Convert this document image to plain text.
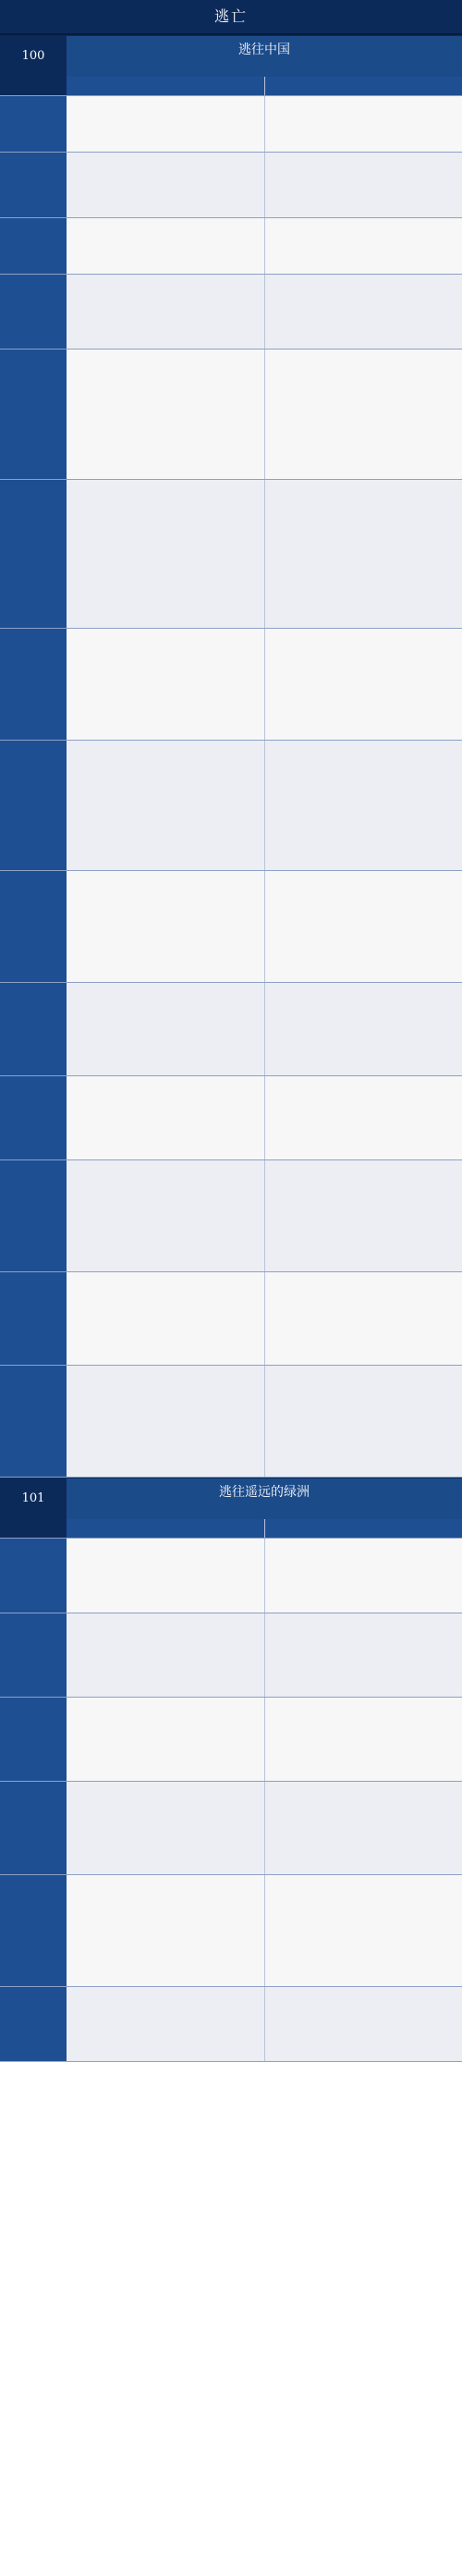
逃亡
100	逃往中国
101	逃往遥远的绿洲
